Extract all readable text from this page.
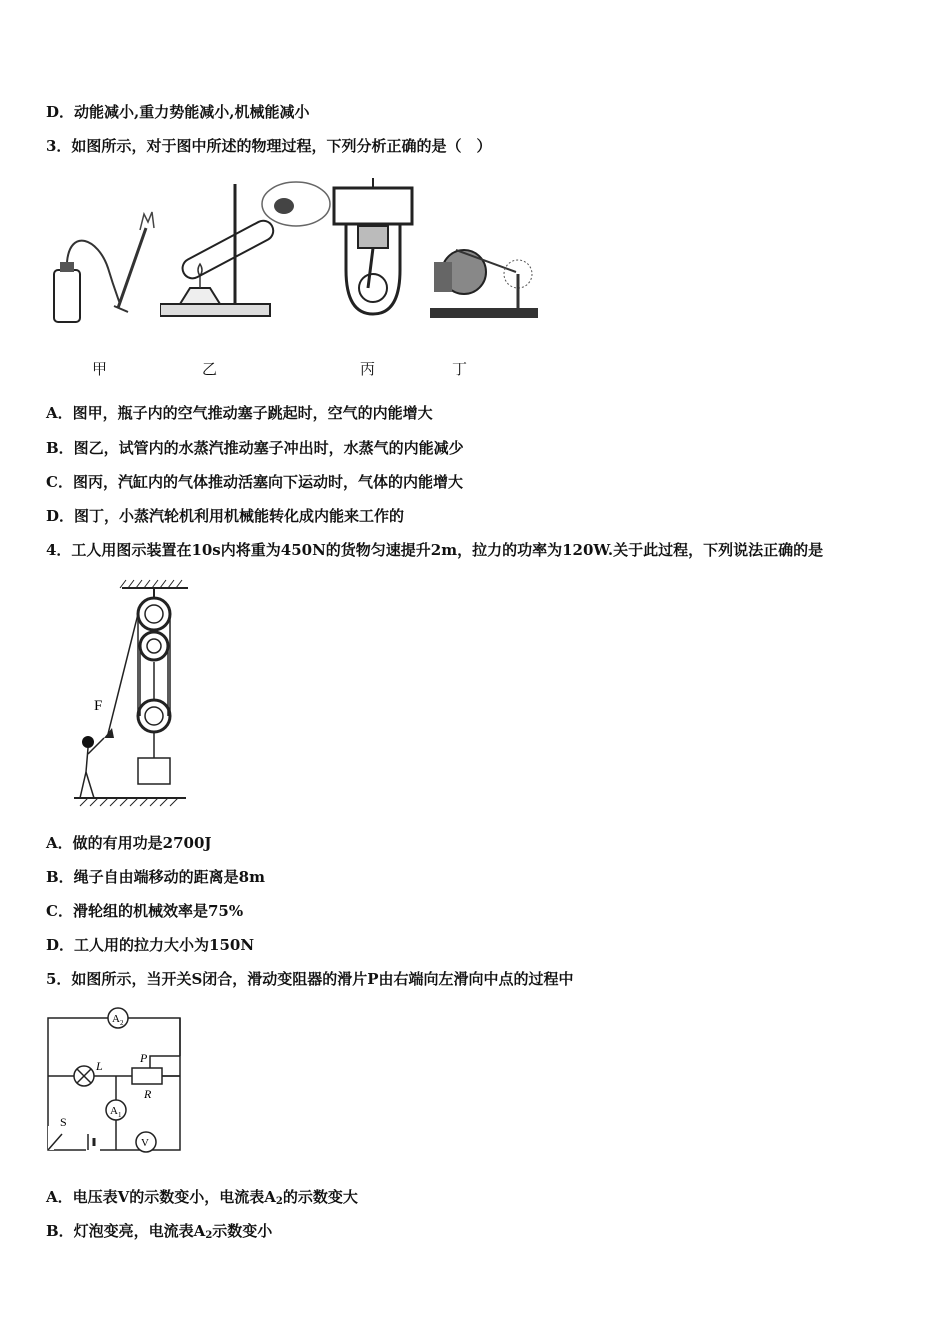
D．动能减小,重力势能减小,机械能减小
3．如图所示，对于图中所述的物理过程，下列分析正确的是（　）
甲	乙	丙	丁
A．图甲，瓶子内的空气推动塞子跳起时，空气的内能增大
B．图乙，试管内的水蒸汽推动塞子冲出时，水蒸气的内能减少
C．图丙，汽缸内的气体推动活塞向下运动时，气体的内能增大
D．图丁，小蒸汽轮机利用机械能转化成内能来工作的
4．工人用图示装置在10s内将重为450N的货物匀速提升2m，拉力的功率为120W.关于此过程，下列说法正确的是
F
A．做的有用功是2700J
B．绳子自由端移动的距离是8m
C．滑轮组的机械效率是75%
D．工人用的拉力大小为150N
5．如图所示，当开关S闭合，滑动变阻器的滑片P由右端向左滑向中点的过程中
$A_2$
L
P
R
$A_1$
V
S
A．电压表V的示数变小，电流表$A_2$的示数变大
B．灯泡变亮，电流表$A_2$示数变小
